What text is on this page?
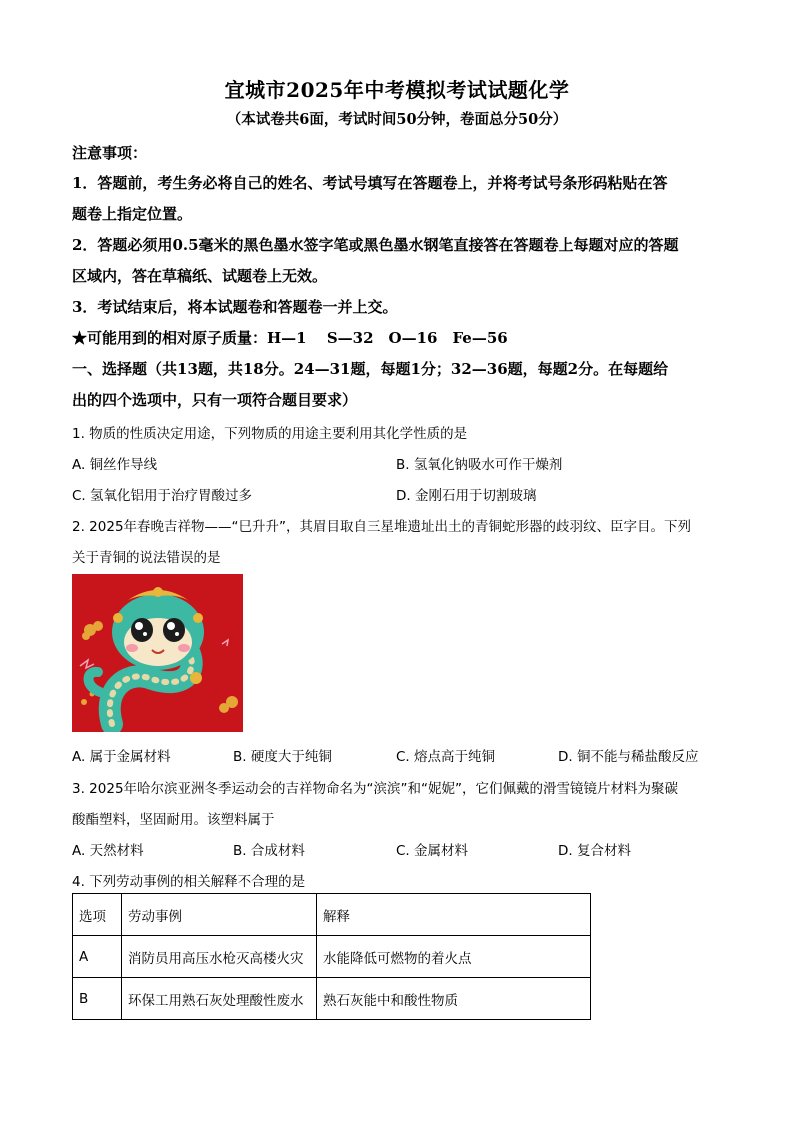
宜城市2025年中考模拟考试试题化学
（本试卷共6面，考试时间50分钟，卷面总分50分）
注意事项：
1．答题前，考生务必将自己的姓名、考试号填写在答题卷上，并将考试号条形码粘贴在答
题卷上指定位置。
2．答题必须用0.5毫米的黑色墨水签字笔或黑色墨水钢笔直接答在答题卷上每题对应的答题
区域内，答在草稿纸、试题卷上无效。
3．考试结束后，将本试题卷和答题卷一并上交。
★可能用到的相对原子质量：H—1　 S—32　O—16　Fe—56
一、选择题（共13题，共18分。24—31题，每题1分；32—36题，每题2分。在每题给
出的四个选项中，只有一项符合题目要求）
1. 物质的性质决定用途，下列物质的用途主要利用其化学性质的是
A. 铜丝作导线	B. 氢氧化钠吸水可作干燥剂
C. 氢氧化铝用于治疗胃酸过多	D. 金刚石用于切割玻璃
2. 2025年春晚吉祥物——“巳升升”，其眉目取自三星堆遗址出土的青铜蛇形器的歧羽纹、臣字目。下列
关于青铜的说法错误的是
A. 属于金属材料	B. 硬度大于纯铜	C. 熔点高于纯铜	D. 铜不能与稀盐酸反应
3. 2025年哈尔滨亚洲冬季运动会的吉祥物命名为“滨滨”和“妮妮”，它们佩戴的滑雪镜镜片材料为聚碳
酸酯塑料，坚固耐用。该塑料属于
A. 天然材料	B. 合成材料	C. 金属材料	D. 复合材料
4. 下列劳动事例的相关解释不合理的是
选项	劳动事例	解释
A	消防员用高压水枪灭高楼火灾	水能降低可燃物的着火点
B	环保工用熟石灰处理酸性废水	熟石灰能中和酸性物质
